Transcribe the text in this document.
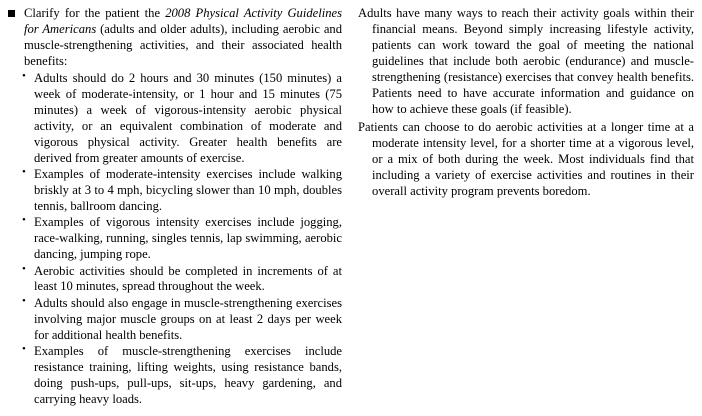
Clarify for the patient the 2008 Physical Activity Guidelines for Americans (adults and older adults), including aerobic and muscle-strengthening activities, and their associated health benefits:
• Adults should do 2 hours and 30 minutes (150 minutes) a week of moderate-intensity, or 1 hour and 15 minutes (75 minutes) a week of vigorous-intensity aerobic physical activity, or an equivalent combination of moderate and vigorous physical activity. Greater health benefits are derived from greater amounts of exercise.
• Examples of moderate-intensity exercises include walking briskly at 3 to 4 mph, bicycling slower than 10 mph, doubles tennis, ballroom dancing.
• Examples of vigorous intensity exercises include jogging, race-walking, running, singles tennis, lap swimming, aerobic dancing, jumping rope.
• Aerobic activities should be completed in increments of at least 10 minutes, spread throughout the week.
• Adults should also engage in muscle-strengthening exercises involving major muscle groups on at least 2 days per week for additional health benefits.
• Examples of muscle-strengthening exercises include resistance training, lifting weights, using resistance bands, doing push-ups, pull-ups, sit-ups, heavy gardening, and carrying heavy loads.

Adults have many ways to reach their activity goals within their financial means. Beyond simply increasing lifestyle activity, patients can work toward the goal of meeting the national guidelines that include both aerobic (endurance) and muscle-strengthening (resistance) exercises that convey health benefits. Patients need to have accurate information and guidance on how to achieve these goals (if feasible).

Patients can choose to do aerobic activities at a longer time at a moderate intensity level, for a shorter time at a vigorous level, or a mix of both during the week. Most individuals find that including a variety of exercise activities and routines in their overall activity program prevents boredom.
